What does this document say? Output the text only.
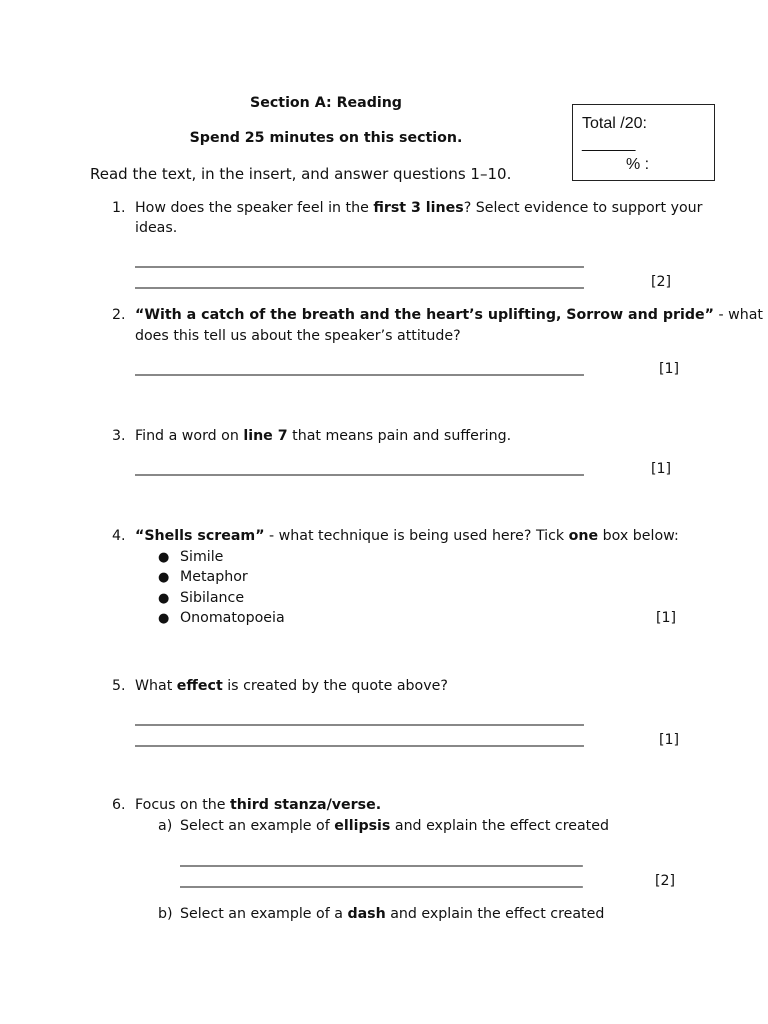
Section A: Reading
Spend 25 minutes on this section.
Read the text, in the insert, and answer questions 1–10.
Total /20:
______
% :
1. How does the speaker feel in the first 3 lines? Select evidence to support your
ideas.
____________________________________________________________________
____________________________________________________________________	[2]
2. “With a catch of the breath and the heart’s uplifting, Sorrow and pride” - what
does this tell us about the speaker’s attitude?
____________________________________________________________________	[1]
3. Find a word on line 7 that means pain and suffering.
____________________________________________________________________	[1]
4. “Shells scream” - what technique is being used here? Tick one box below:
● Simile
● Metaphor
● Sibilance
● Onomatopoeia	[1]
5. What effect is created by the quote above?
____________________________________________________________________
____________________________________________________________________	[1]
6. Focus on the third stanza/verse.
a) Select an example of ellipsis and explain the effect created
_____________________________________________________________
_____________________________________________________________	[2]
b) Select an example of a dash and explain the effect created
